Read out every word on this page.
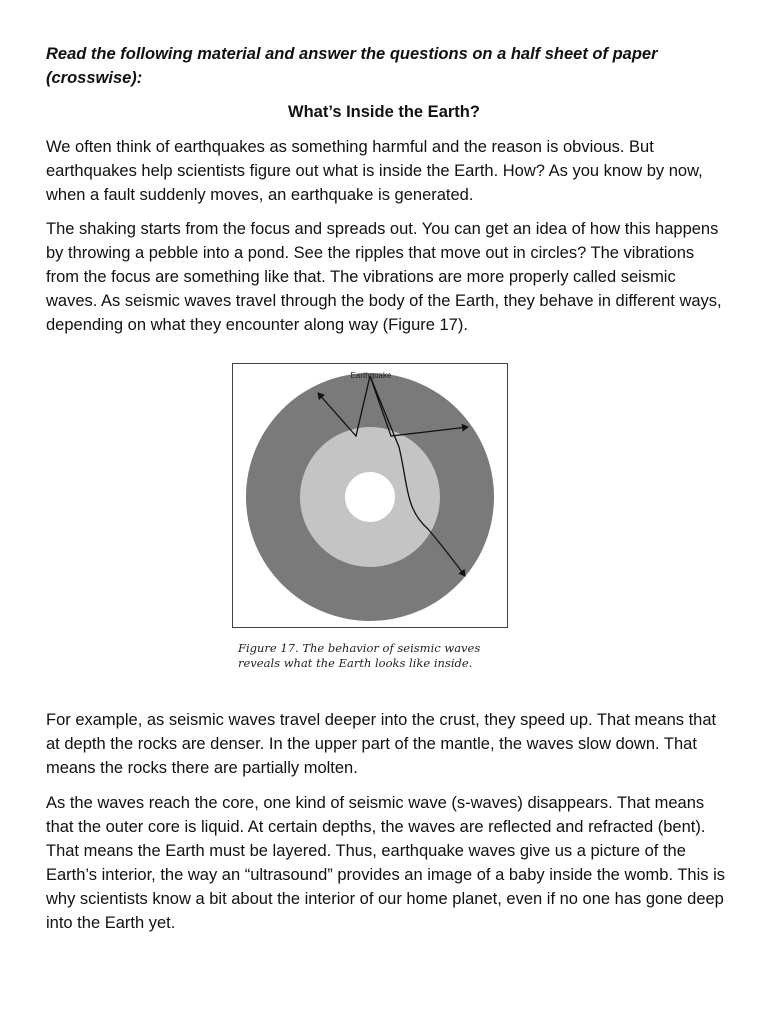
Read the following material and answer the questions on a half sheet of paper (crosswise):
What’s Inside the Earth?

We often think of earthquakes as something harmful and the reason is obvious. But earthquakes help scientists figure out what is inside the Earth. How? As you know by now, when a fault suddenly moves, an earthquake is generated.

The shaking starts from the focus and spreads out. You can get an idea of how this happens by throwing a pebble into a pond. See the ripples that move out in circles? The vibrations from the focus are something like that. The vibrations are more properly called seismic waves. As seismic waves travel through the body of the Earth, they behave in different ways, depending on what they encounter along way (Figure 17).

Earthquake
Figure 17. The behavior of seismic waves reveals what the Earth looks like inside.

For example, as seismic waves travel deeper into the crust, they speed up. That means that at depth the rocks are denser. In the upper part of the mantle, the waves slow down. That means the rocks there are partially molten.

As the waves reach the core, one kind of seismic wave (s-waves) disappears. That means that the outer core is liquid. At certain depths, the waves are reflected and refracted (bent). That means the Earth must be layered. Thus, earthquake waves give us a picture of the Earth’s interior, the way an “ultrasound” provides an image of a baby inside the womb. This is why scientists know a bit about the interior of our home planet, even if no one has gone deep into the Earth yet.
